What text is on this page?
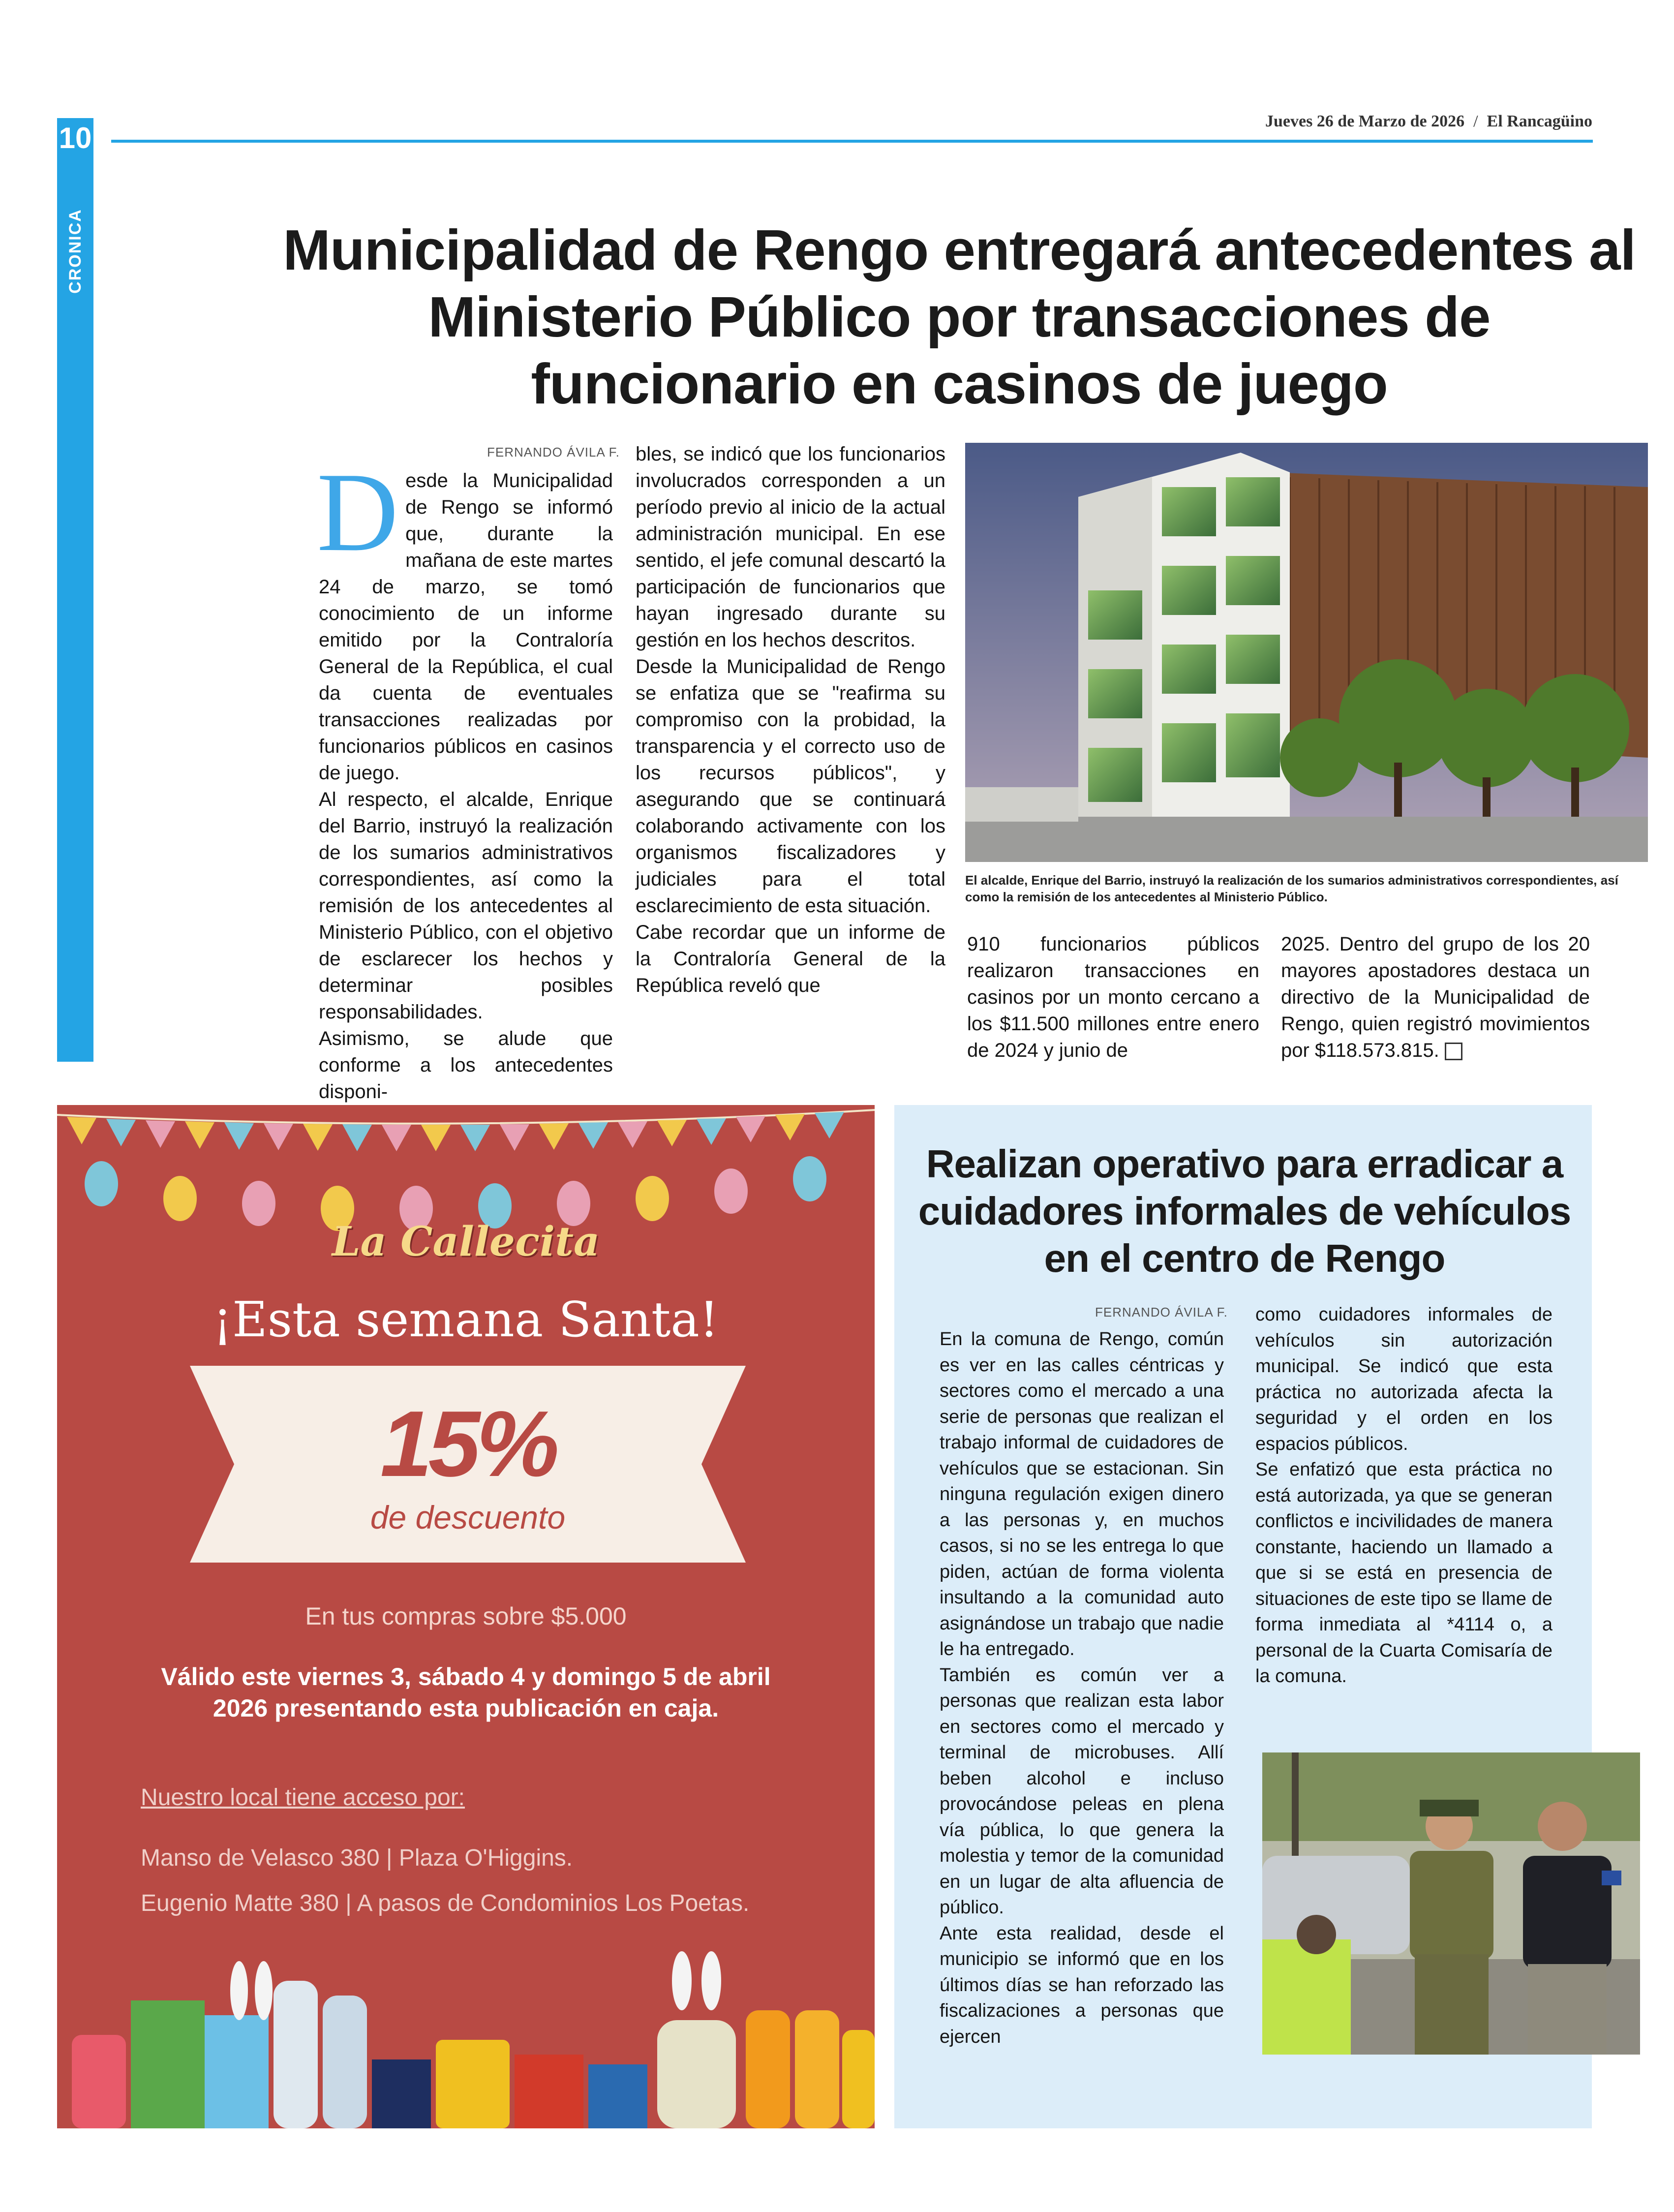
10
CRONICA
Jueves 26 de Marzo de 2026 / El Rancagüino
Municipalidad de Rengo entregará antecedentes al Ministerio Público por transacciones de funcionario en casinos de juego
FERNANDO ÁVILA F.
D esde la Municipalidad de Rengo se informó que, durante la mañana de este martes 24 de marzo, se tomó conocimiento de un informe emitido por la Contraloría General de la República, el cual da cuenta de eventuales transacciones realizadas por funcionarios públicos en casinos de juego.

Al respecto, el alcalde, Enrique del Barrio, instruyó la realización de los sumarios administrativos correspondientes, así como la remisión de los antecedentes al Ministerio Público, con el objetivo de esclarecer los hechos y determinar posibles responsabilidades.

Asimismo, se alude que conforme a los antecedentes disponi-

bles, se indicó que los funcionarios involucrados corresponden a un período previo al inicio de la actual administración municipal. En ese sentido, el jefe comunal descartó la participación de funcionarios que hayan ingresado durante su gestión en los hechos descritos.

Desde la Municipalidad de Rengo se enfatiza que se "reafirma su compromiso con la probidad, la transparencia y el correcto uso de los recursos públicos", y asegurando que se continuará colaborando activamente con los organismos fiscalizadores y judiciales para el total esclarecimiento de esta situación.

Cabe recordar que un informe de la Contraloría General de la República reveló que

El alcalde, Enrique del Barrio, instruyó la realización de los sumarios administrativos correspondientes, así como la remisión de los antecedentes al Ministerio Público.

910 funcionarios públicos realizaron transacciones en casinos por un monto cercano a los $11.500 millones entre enero de 2024 y junio de

2025. Dentro del grupo de los 20 mayores apostadores destaca un directivo de la Municipalidad de Rengo, quien registró movimientos por $118.573.815.

La Callecita
¡Esta semana Santa!
15%
de descuento
En tus compras sobre $5.000
Válido este viernes 3, sábado 4 y domingo 5 de abril 2026 presentando esta publicación en caja.
Nuestro local tiene acceso por:
Manso de Velasco 380 | Plaza O'Higgins.
Eugenio Matte 380 | A pasos de Condominios Los Poetas.
Realizan operativo para erradicar a cuidadores informales de vehículos en el centro de Rengo
FERNANDO ÁVILA F.

En la comuna de Rengo, común es ver en las calles céntricas y sectores como el mercado a una serie de personas que realizan el trabajo informal de cuidadores de vehículos que se estacionan. Sin ninguna regulación exigen dinero a las personas y, en muchos casos, si no se les entrega lo que piden, actúan de forma violenta insultando a la comunidad auto asignándose un trabajo que nadie le ha entregado.

También es común ver a personas que realizan esta labor en sectores como el mercado y terminal de microbuses. Allí beben alcohol e incluso provocándose peleas en plena vía pública, lo que genera la molestia y temor de la comunidad en un lugar de alta afluencia de público.

Ante esta realidad, desde el municipio se informó que en los últimos días se han reforzado las fiscalizaciones a personas que ejercen

como cuidadores informales de vehículos sin autorización municipal. Se indicó que esta práctica no autorizada afecta la seguridad y el orden en los espacios públicos.

Se enfatizó que esta práctica no está autorizada, ya que se generan conflictos e incivilidades de manera constante, haciendo un llamado a que si se está en presencia de situaciones de este tipo se llame de forma inmediata al *4114 o, a personal de la Cuarta Comisaría de la comuna.
